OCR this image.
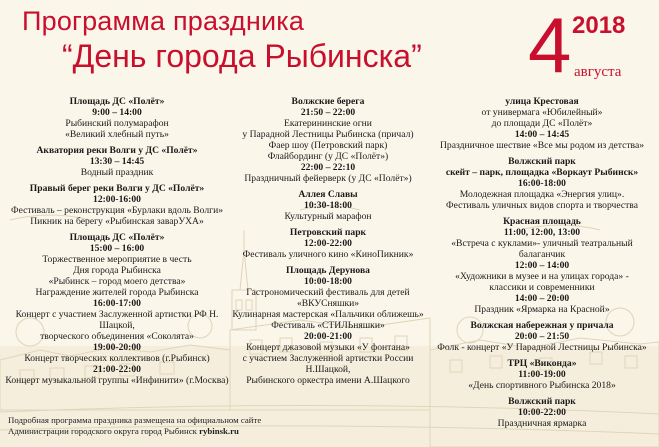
Программа праздника
“День города Рыбинска” 4 2018
августа
Площадь ДС «Полёт»
9:00 – 14:00
Рыбинский полумарафон
«Великий хлебный путь»
Акватория реки Волги у ДС «Полёт»
13:30 – 14:45
Водный праздник
Правый берег реки Волги у ДС «Полёт»
12:00-16:00
Фестиваль – реконструкция «Бурлаки вдоль Волги»
Пикник на берегу «Рыбинская заварУХА»
Площадь ДС «Полёт»
15:00 – 16:00
Торжественное мероприятие в честь
Дня города Рыбинска
«Рыбинск – город моего детства»
Награждение жителей города Рыбинска
16:00-17:00
Концерт с участием Заслуженной артистки РФ Н. Шацкой,
творческого объединения «Соколята»
19:00-20:00
Концерт творческих коллективов (г.Рыбинск)
21:00-22:00
Концерт музыкальной группы «Инфинити» (г.Москва)
Волжские берега
21:50 – 22:00
Екатерининские огни
у Парадной Лестницы Рыбинска (причал)
Фаер шоу (Петровский парк)
Флайбординг (у ДС «Полёт»)
22:00 – 22:10
Праздничный фейерверк (у ДС «Полёт»)
Аллея Славы
10:30-18:00
Культурный марафон
Петровский парк
12:00-22:00
Фестиваль уличного кино «КиноПикник»
Площадь Дерунова
10:00-18:00
Гастрономический фестиваль для детей «ВКУСняшки»
Кулинарная мастерская «Пальчики оближешь»
Фестиваль «СТИЛЬняшки»
20:00-21:00
Концерт джазовой музыки «У фонтана»
с участием Заслуженной артистки России Н.Шацкой,
Рыбинского оркестра имени А.Шацкого
улица Крестовая
от универмага «Юбилейный»
до площади ДС «Полёт»
14:00 – 14:45
Праздничное шествие «Все мы родом из детства»
Волжский парк
скейт – парк, площадка «Воркаут Рыбинск»
16:00-18:00
Молодежная площадка «Энергия улиц».
Фестиваль уличных видов спорта и творчества
Красная площадь
11:00, 12:00, 13:00
«Встреча с куклами»- уличный театральный балаганчик
12:00 – 14:00
«Художники в музее и на улицах города» -
классики и современники
14:00 – 20:00
Праздник «Ярмарка на Красной»
Волжская набережная у причала
20:00 – 21:50
Фолк - концерт «У Парадной Лестницы Рыбинска»
ТРЦ «Виконда»
11:00-19:00
«День спортивного Рыбинска 2018»
Волжский парк
10:00-22:00
Праздничная ярмарка
Подробная программа праздника размещена на официальном сайте
Администрации городского округа город Рыбинск rybinsk.ru
